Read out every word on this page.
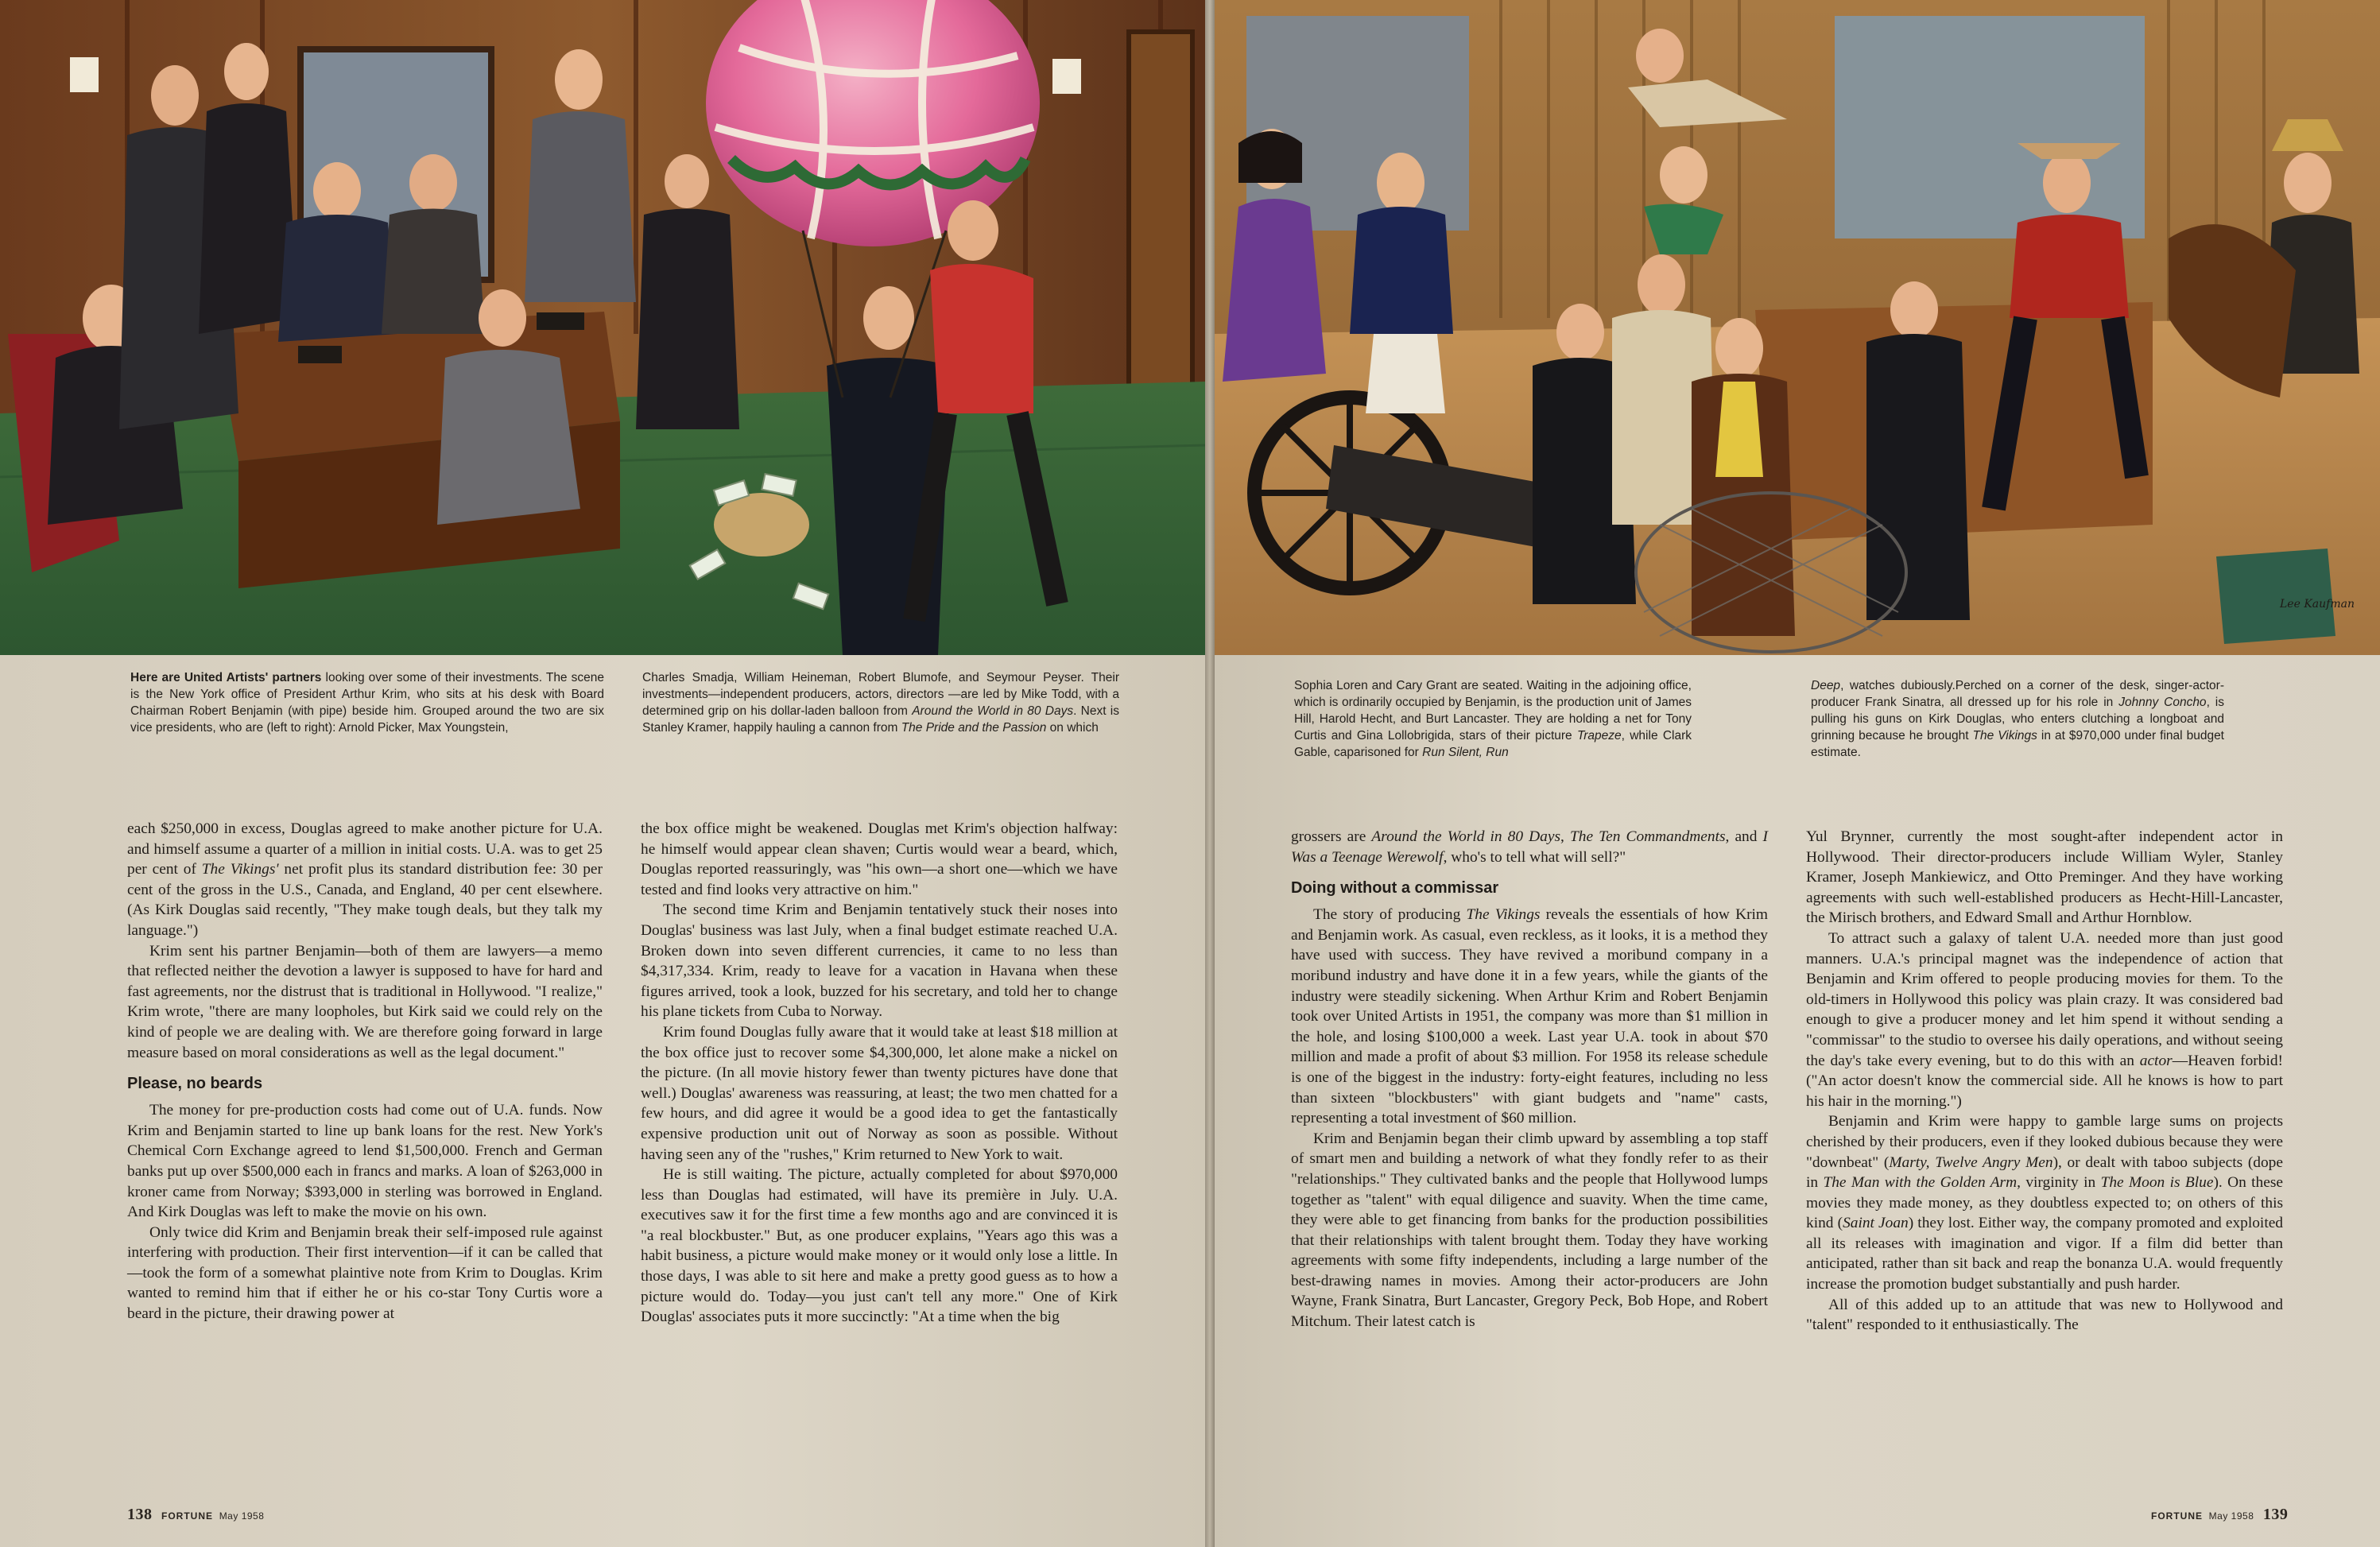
Here are United Artists' partners looking over some of their investments. The scene is the New York office of President Arthur Krim, who sits at his desk with Board Chairman Robert Benjamin (with pipe) beside him. Grouped around the two are six vice presidents, who are (left to right): Arnold Picker, Max Youngstein,
Charles Smadja, William Heineman, Robert Blumofe, and Seymour Peyser. Their investments—independent producers, actors, directors —are led by Mike Todd, with a determined grip on his dollar-laden balloon from Around the World in 80 Days. Next is Stanley Kramer, happily hauling a cannon from The Pride and the Passion on which

each $250,000 in excess, Douglas agreed to make another picture for U.A. and himself assume a quarter of a million in initial costs. U.A. was to get 25 per cent of The Vikings' net profit plus its standard distribution fee: 30 per cent of the gross in the U.S., Canada, and England, 40 per cent elsewhere. (As Kirk Douglas said recently, "They make tough deals, but they talk my language.")

Krim sent his partner Benjamin—both of them are lawyers—a memo that reflected neither the devotion a lawyer is supposed to have for hard and fast agreements, nor the distrust that is traditional in Hollywood. "I realize," Krim wrote, "there are many loopholes, but Kirk said we could rely on the kind of people we are dealing with. We are therefore going forward in large measure based on moral considerations as well as the legal document."

Please, no beards

The money for pre-production costs had come out of U.A. funds. Now Krim and Benjamin started to line up bank loans for the rest. New York's Chemical Corn Exchange agreed to lend $1,500,000. French and German banks put up over $500,000 each in francs and marks. A loan of $263,000 in kroner came from Norway; $393,000 in sterling was borrowed in England. And Kirk Douglas was left to make the movie on his own.

Only twice did Krim and Benjamin break their self-imposed rule against interfering with production. Their first intervention—if it can be called that—took the form of a somewhat plaintive note from Krim to Douglas. Krim wanted to remind him that if either he or his co-star Tony Curtis wore a beard in the picture, their drawing power at

the box office might be weakened. Douglas met Krim's objection halfway: he himself would appear clean shaven; Curtis would wear a beard, which, Douglas reported reassuringly, was "his own—a short one—which we have tested and find looks very attractive on him."

The second time Krim and Benjamin tentatively stuck their noses into Douglas' business was last July, when a final budget estimate reached U.A. Broken down into seven different currencies, it came to no less than $4,317,334. Krim, ready to leave for a vacation in Havana when these figures arrived, took a look, buzzed for his secretary, and told her to change his plane tickets from Cuba to Norway.

Krim found Douglas fully aware that it would take at least $18 million at the box office just to recover some $4,300,000, let alone make a nickel on the picture. (In all movie history fewer than twenty pictures have done that well.) Douglas' awareness was reassuring, at least; the two men chatted for a few hours, and did agree it would be a good idea to get the fantastically expensive production unit out of Norway as soon as possible. Without having seen any of the "rushes," Krim returned to New York to wait.

He is still waiting. The picture, actually completed for about $970,000 less than Douglas had estimated, will have its première in July. U.A. executives saw it for the first time a few months ago and are convinced it is "a real blockbuster." But, as one producer explains, "Years ago this was a habit business, a picture would make money or it would only lose a little. In those days, I was able to sit here and make a pretty good guess as to how a picture would do. Today—you just can't tell any more." One of Kirk Douglas' associates puts it more succinctly: "At a time when the big

138 FORTUNE May 1958
Lee Kaufman
Sophia Loren and Cary Grant are seated. Waiting in the adjoining office, which is ordinarily occupied by Benjamin, is the production unit of James Hill, Harold Hecht, and Burt Lancaster. They are holding a net for Tony Curtis and Gina Lollobrigida, stars of their picture Trapeze, while Clark Gable, caparisoned for Run Silent, Run
Deep, watches dubiously.Perched on a corner of the desk, singer-actor-producer Frank Sinatra, all dressed up for his role in Johnny Concho, is pulling his guns on Kirk Douglas, who enters clutching a longboat and grinning because he brought The Vikings in at $970,000 under final budget estimate.

grossers are Around the World in 80 Days, The Ten Commandments, and I Was a Teenage Werewolf, who's to tell what will sell?"

Doing without a commissar

The story of producing The Vikings reveals the essentials of how Krim and Benjamin work. As casual, even reckless, as it looks, it is a method they have used with success. They have revived a moribund company in a moribund industry and have done it in a few years, while the giants of the industry were steadily sickening. When Arthur Krim and Robert Benjamin took over United Artists in 1951, the company was more than $1 million in the hole, and losing $100,000 a week. Last year U.A. took in about $70 million and made a profit of about $3 million. For 1958 its release schedule is one of the biggest in the industry: forty-eight features, including no less than sixteen "blockbusters" with giant budgets and "name" casts, representing a total investment of $60 million.

Krim and Benjamin began their climb upward by assembling a top staff of smart men and building a network of what they fondly refer to as their "relationships." They cultivated banks and the people that Hollywood lumps together as "talent" with equal diligence and suavity. When the time came, they were able to get financing from banks for the production possibilities that their relationships with talent brought them. Today they have working agreements with some fifty independents, including a large number of the best-drawing names in movies. Among their actor-producers are John Wayne, Frank Sinatra, Burt Lancaster, Gregory Peck, Bob Hope, and Robert Mitchum. Their latest catch is

Yul Brynner, currently the most sought-after independent actor in Hollywood. Their director-producers include William Wyler, Stanley Kramer, Joseph Mankiewicz, and Otto Preminger. And they have working agreements with such well-established producers as Hecht-Hill-Lancaster, the Mirisch brothers, and Edward Small and Arthur Hornblow.

To attract such a galaxy of talent U.A. needed more than just good manners. U.A.'s principal magnet was the independence of action that Benjamin and Krim offered to people producing movies for them. To the old-timers in Hollywood this policy was plain crazy. It was considered bad enough to give a producer money and let him spend it without sending a "commissar" to the studio to oversee his daily operations, and without seeing the day's take every evening, but to do this with an actor—Heaven forbid! ("An actor doesn't know the commercial side. All he knows is how to part his hair in the morning.")

Benjamin and Krim were happy to gamble large sums on projects cherished by their producers, even if they looked dubious because they were "downbeat" (Marty, Twelve Angry Men), or dealt with taboo subjects (dope in The Man with the Golden Arm, virginity in The Moon is Blue). On these movies they made money, as they doubtless expected to; on others of this kind (Saint Joan) they lost. Either way, the company promoted and exploited all its releases with imagination and vigor. If a film did better than anticipated, rather than sit back and reap the bonanza U.A. would frequently increase the promotion budget substantially and push harder.

All of this added up to an attitude that was new to Hollywood and "talent" responded to it enthusiastically. The

FORTUNE May 1958 139
